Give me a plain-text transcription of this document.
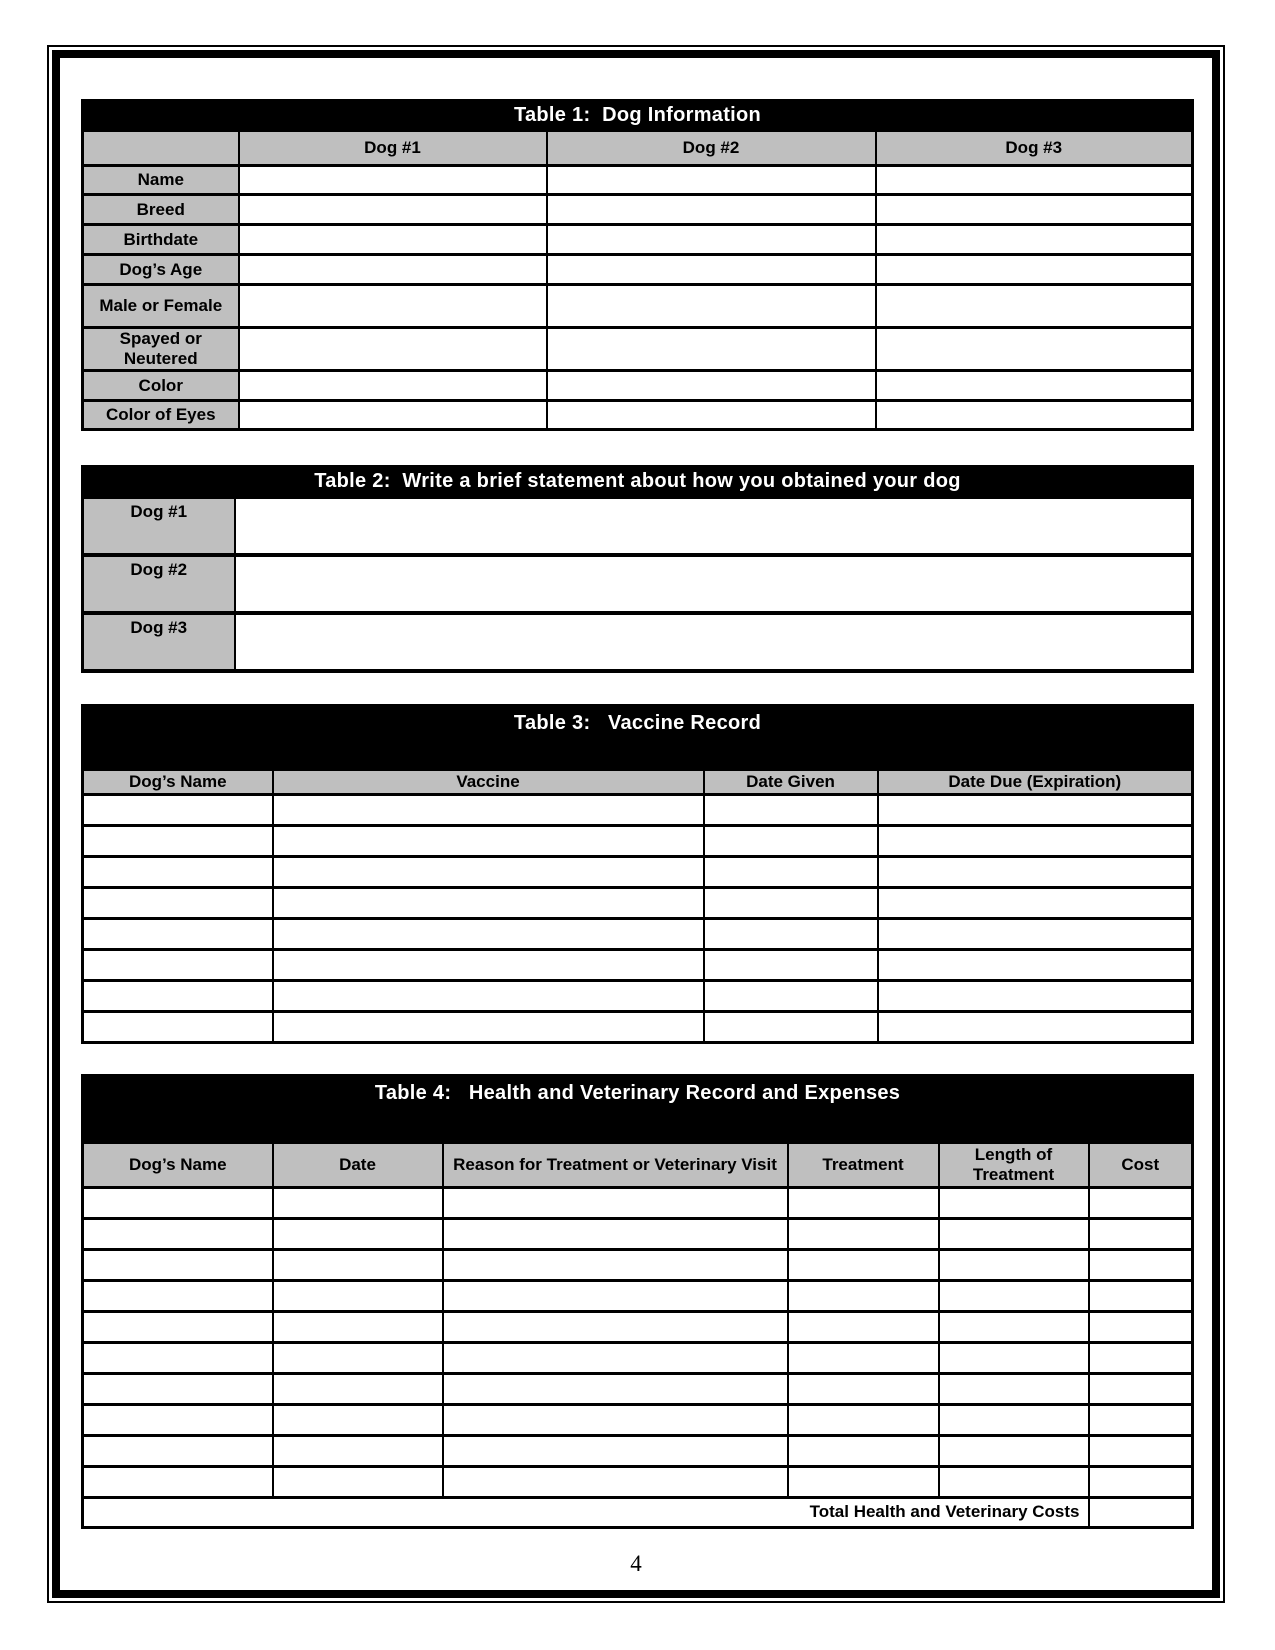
Table 1:  Dog Information			
	Dog #1	Dog #2	Dog #3
Name			
Breed			
Birthdate			
Dog’s Age			
Male or Female			
Spayed or Neutered			
Color			
Color of Eyes			
Table 2:  Write a brief statement about how you obtained your dog	
Dog #1	
Dog #2	
Dog #3	
Table 3:   Vaccine Record			
Dog’s Name	Vaccine	Date Given	Date Due (Expiration)

Table 4:   Health and Veterinary Record and Expenses					
Dog’s Name	Date	Reason for Treatment or Veterinary Visit	Treatment	Length of Treatment	Cost

Total Health and Veterinary Costs					
4
